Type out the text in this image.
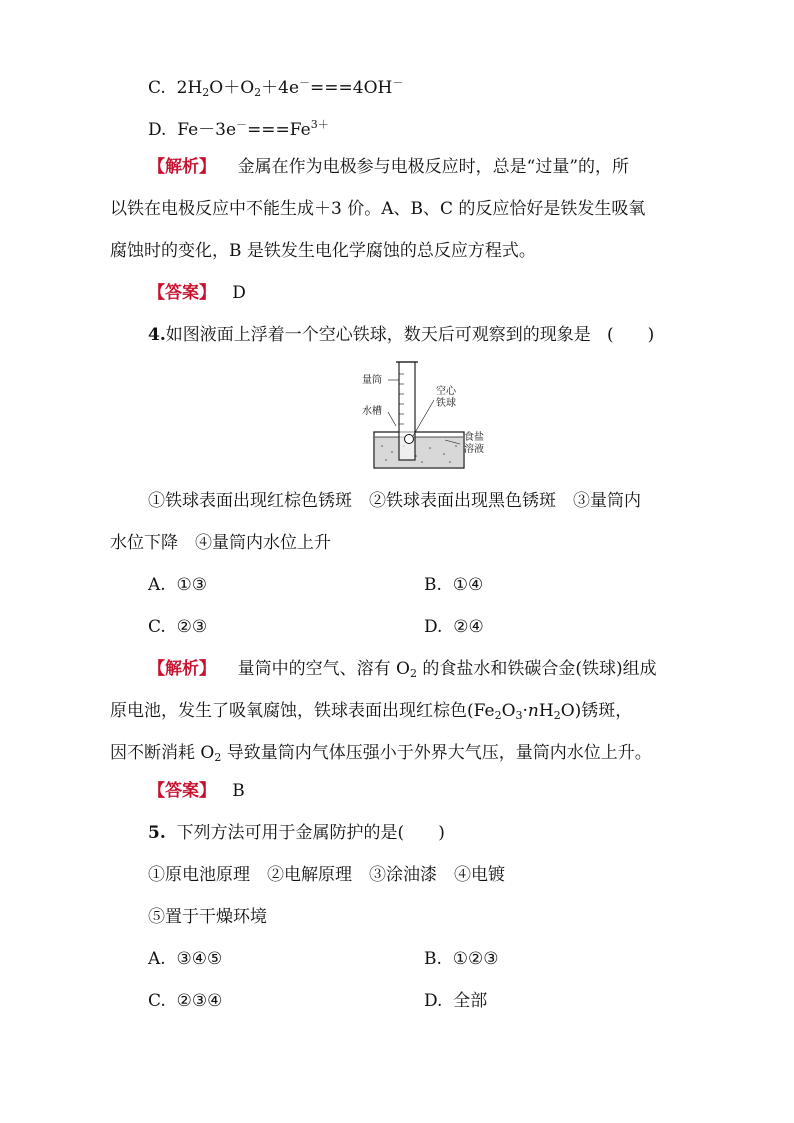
C. $2H_2O+O_2+4e^-===4OH^-$
D. $Fe-3e^-===Fe^{3+}$
【解析】 金属在作为电极参与电极反应时，总是“过量”的，所
以铁在电极反应中不能生成＋3 价。A、B、C 的反应恰好是铁发生吸氧
腐蚀时的变化，B 是铁发生电化学腐蚀的总反应方程式。
【答案】 D
4.如图液面上浮着一个空心铁球，数天后可观察到的现象是 (　　)
量筒
水槽
空心
铁球
食盐
溶液
①铁球表面出现红棕色锈斑　②铁球表面出现黑色锈斑　③量筒内
水位下降　④量筒内水位上升
A. ①③	B. ①④
C. ②③	D. ②④
【解析】 量筒中的空气、溶有 $O_2$ 的食盐水和铁碳合金(铁球)组成
原电池，发生了吸氧腐蚀，铁球表面出现红棕色$(Fe_2O_3\cdot nH_2O)$锈斑，
因不断消耗 $O_2$ 导致量筒内气体压强小于外界大气压，量筒内水位上升。
【答案】 B
5. 下列方法可用于金属防护的是(　　)
①原电池原理　②电解原理　③涂油漆　④电镀
⑤置于干燥环境
A. ③④⑤	B. ①②③
C. ②③④	D. 全部
